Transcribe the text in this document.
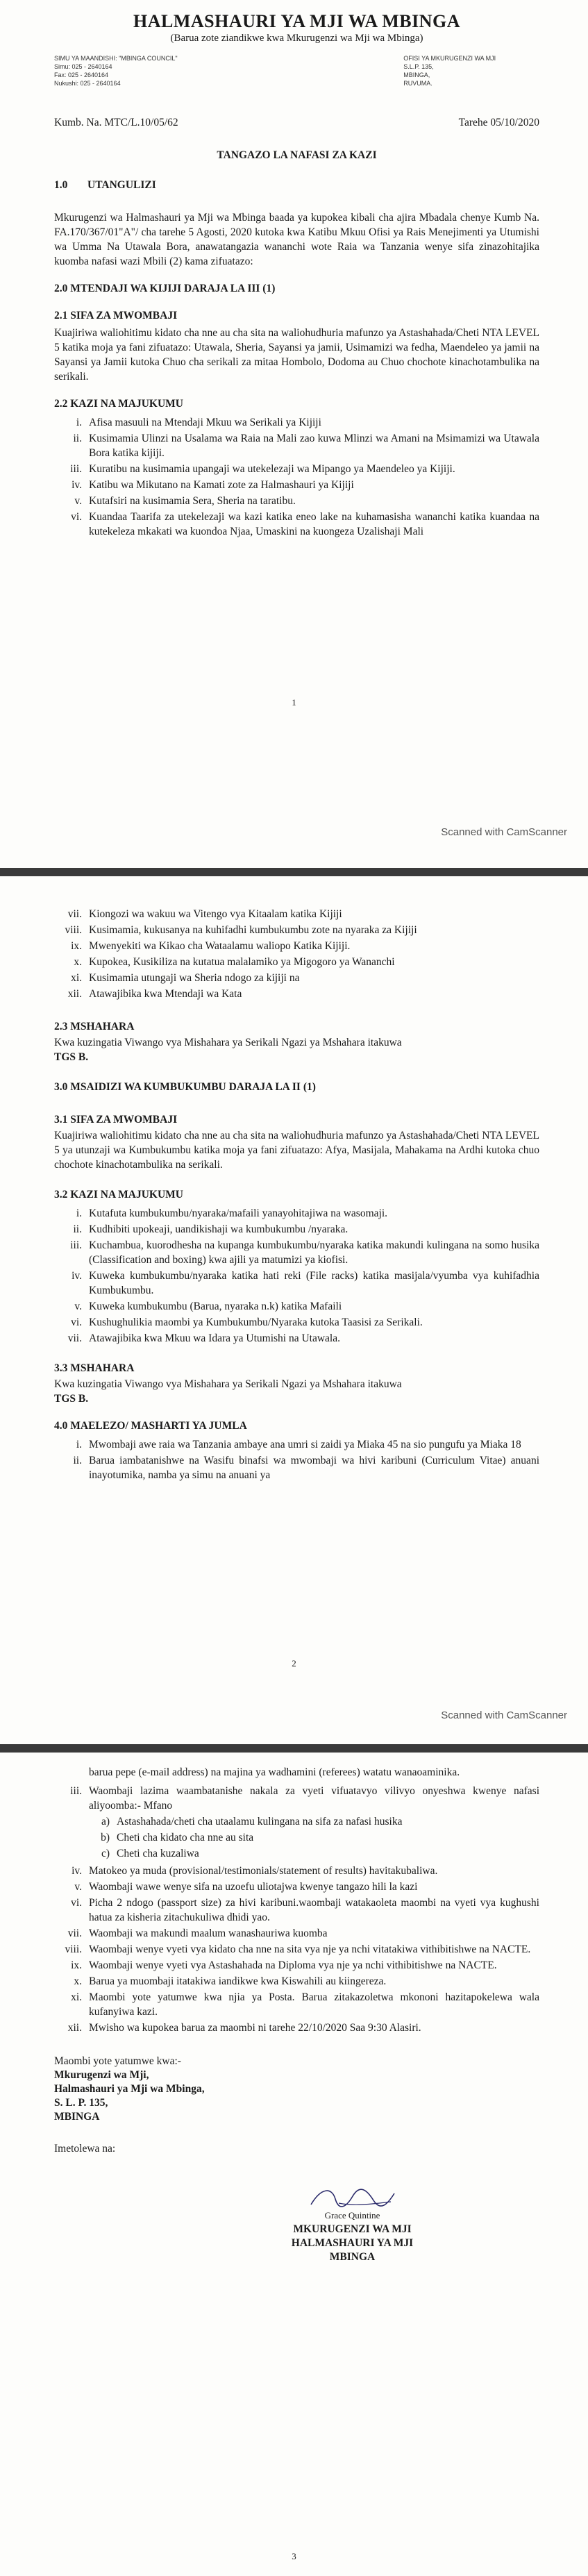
HALMASHAURI YA MJI WA MBINGA
(Barua zote ziandikwe kwa Mkurugenzi wa Mji wa Mbinga)
SIMU YA MAANDISHI: "MBINGA COUNCIL"
Simu: 025 - 2640164
Fax: 025 - 2640164
Nukushi: 025 - 2640164
OFISI YA MKURUGENZI WA MJI
S.L.P. 135,
MBINGA,
RUVUMA.
Kumb. Na. MTC/L.10/05/62	Tarehe 05/10/2020
TANGAZO LA NAFASI ZA KAZI
1.0 UTANGULIZI

Mkurugenzi wa Halmashauri ya Mji wa Mbinga baada ya kupokea kibali cha ajira Mbadala chenye Kumb Na. FA.170/367/01"A"/ cha tarehe 5 Agosti, 2020 kutoka kwa Katibu Mkuu Ofisi ya Rais Menejimenti ya Utumishi wa Umma Na Utawala Bora, anawatangazia wananchi wote Raia wa Tanzania wenye sifa zinazohitajika kuomba nafasi wazi Mbili (2) kama zifuatazo:

2.0 MTENDAJI WA KIJIJI DARAJA LA III (1)
2.1 SIFA ZA MWOMBAJI

Kuajiriwa waliohitimu kidato cha nne au cha sita na waliohudhuria mafunzo ya Astashahada/Cheti NTA LEVEL 5 katika moja ya fani zifuatazo: Utawala, Sheria, Sayansi ya jamii, Usimamizi wa fedha, Maendeleo ya jamii na Sayansi ya Jamii kutoka Chuo cha serikali za mitaa Hombolo, Dodoma au Chuo chochote kinachotambulika na serikali.

2.2 KAZI NA MAJUKUMU
i. Afisa masuuli na Mtendaji Mkuu wa Serikali ya Kijiji
ii. Kusimamia Ulinzi na Usalama wa Raia na Mali zao kuwa Mlinzi wa Amani na Msimamizi wa Utawala Bora katika kijiji.
iii. Kuratibu na kusimamia upangaji wa utekelezaji wa Mipango ya Maendeleo ya Kijiji.
iv. Katibu wa Mikutano na Kamati zote za Halmashauri ya Kijiji
v. Kutafsiri na kusimamia Sera, Sheria na taratibu.
vi. Kuandaa Taarifa za utekelezaji wa kazi katika eneo lake na kuhamasisha wananchi katika kuandaa na kutekeleza mkakati wa kuondoa Njaa, Umaskini na kuongeza Uzalishaji Mali
1
Scanned with CamScanner
vii. Kiongozi wa wakuu wa Vitengo vya Kitaalam katika Kijiji
viii. Kusimamia, kukusanya na kuhifadhi kumbukumbu zote na nyaraka za Kijiji
ix. Mwenyekiti wa Kikao cha Wataalamu waliopo Katika Kijiji.
x. Kupokea, Kusikiliza na kutatua malalamiko ya Migogoro ya Wananchi
xi. Kusimamia utungaji wa Sheria ndogo za kijiji na
xii. Atawajibika kwa Mtendaji wa Kata
2.3 MSHAHARA

Kwa kuzingatia Viwango vya Mishahara ya Serikali Ngazi ya Mshahara itakuwa
TGS B.

3.0 MSAIDIZI WA KUMBUKUMBU DARAJA LA II (1)
3.1 SIFA ZA MWOMBAJI

Kuajiriwa waliohitimu kidato cha nne au cha sita na waliohudhuria mafunzo ya Astashahada/Cheti NTA LEVEL 5 ya utunzaji wa Kumbukumbu katika moja ya fani zifuatazo: Afya, Masijala, Mahakama na Ardhi kutoka chuo chochote kinachotambulika na serikali.

3.2 KAZI NA MAJUKUMU
i. Kutafuta kumbukumbu/nyaraka/mafaili yanayohitajiwa na wasomaji.
ii. Kudhibiti upokeaji, uandikishaji wa kumbukumbu /nyaraka.
iii. Kuchambua, kuorodhesha na kupanga kumbukumbu/nyaraka katika makundi kulingana na somo husika (Classification and boxing) kwa ajili ya matumizi ya kiofisi.
iv. Kuweka kumbukumbu/nyaraka katika hati reki (File racks) katika masijala/vyumba vya kuhifadhia Kumbukumbu.
v. Kuweka kumbukumbu (Barua, nyaraka n.k) katika Mafaili
vi. Kushughulikia maombi ya Kumbukumbu/Nyaraka kutoka Taasisi za Serikali.
vii. Atawajibika kwa Mkuu wa Idara ya Utumishi na Utawala.
3.3 MSHAHARA

Kwa kuzingatia Viwango vya Mishahara ya Serikali Ngazi ya Mshahara itakuwa
TGS B.

4.0 MAELEZO/ MASHARTI YA JUMLA
i. Mwombaji awe raia wa Tanzania ambaye ana umri si zaidi ya Miaka 45 na sio pungufu ya Miaka 18
ii. Barua iambatanishwe na Wasifu binafsi wa mwombaji wa hivi karibuni (Curriculum Vitae) anuani inayotumika, namba ya simu na anuani ya
2
Scanned with CamScanner
barua pepe (e-mail address) na majina ya wadhamini (referees) watatu wanaoaminika.
iii. Waombaji lazima waambatanishe nakala za vyeti vifuatavyo vilivyo onyeshwa kwenye nafasi aliyoomba:- Mfano
a) Astashahada/cheti cha utaalamu kulingana na sifa za nafasi husika
b) Cheti cha kidato cha nne au sita
c) Cheti cha kuzaliwa
iv. Matokeo ya muda (provisional/testimonials/statement of results) havitakubaliwa.
v. Waombaji wawe wenye sifa na uzoefu uliotajwa kwenye tangazo hili la kazi
vi. Picha 2 ndogo (passport size) za hivi karibuni.waombaji watakaoleta maombi na vyeti vya kughushi hatua za kisheria zitachukuliwa dhidi yao.
vii. Waombaji wa makundi maalum wanashauriwa kuomba
viii. Waombaji wenye vyeti vya kidato cha nne na sita vya nje ya nchi vitatakiwa vithibitishwe na NACTE.
ix. Waombaji wenye vyeti vya Astashahada na Diploma vya nje ya nchi vithibitishwe na NACTE.
x. Barua ya muombaji itatakiwa iandikwe kwa Kiswahili au kiingereza.
xi. Maombi yote yatumwe kwa njia ya Posta. Barua zitakazoletwa mkononi hazitapokelewa wala kufanyiwa kazi.
xii. Mwisho wa kupokea barua za maombi ni tarehe 22/10/2020 Saa 9:30 Alasiri.
Maombi yote yatumwe kwa:-
Mkurugenzi wa Mji,
Halmashauri ya Mji wa Mbinga,
S. L. P. 135,
MBINGA
Imetolewa na:
Grace Quintine
MKURUGENZI WA MJI
HALMASHAURI YA MJI
MBINGA
3
